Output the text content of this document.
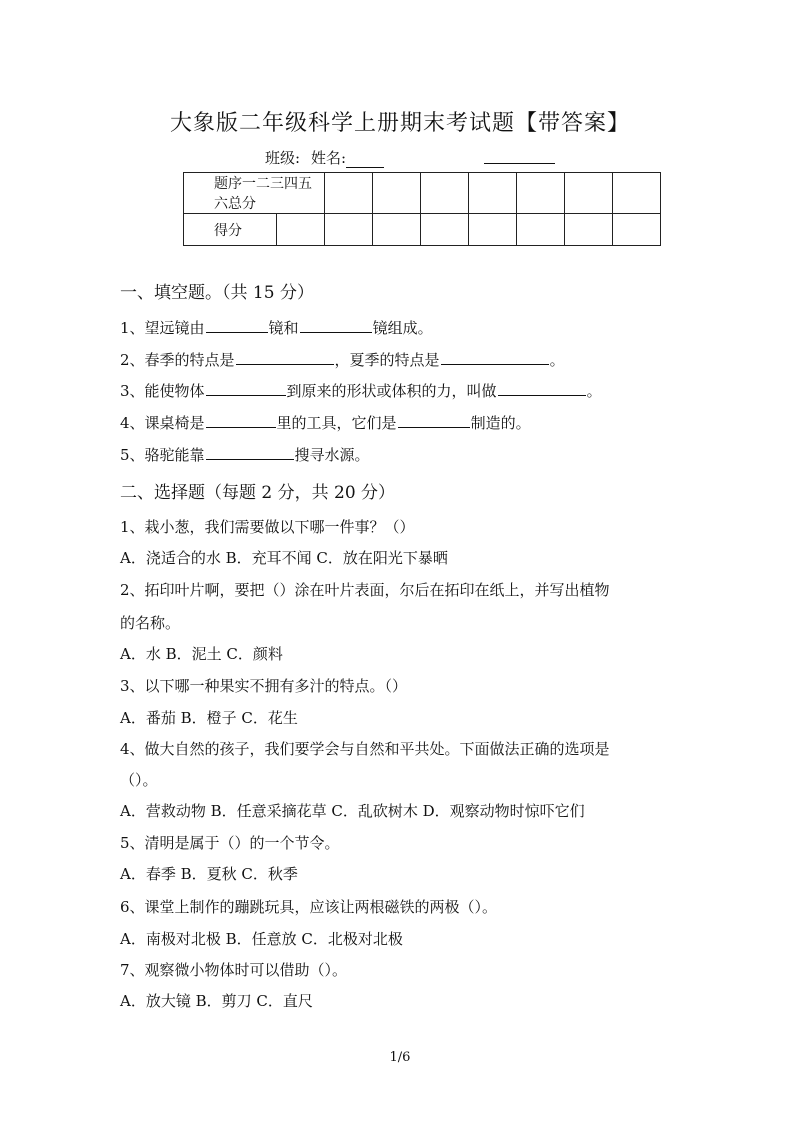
大象版二年级科学上册期末考试题【带答案】
班级: 姓名:
题序一二三四五六总分								
得分								
一、填空题。（共 15 分）
1、望远镜由	镜和	镜组成。
2、春季的特点是	，夏季的特点是	。
3、能使物体	到原来的形状或体积的力，叫做	。
4、课桌椅是	里的工具，它们是	制造的。
5、骆驼能靠	搜寻水源。
二、选择题（每题 2 分，共 20 分）
1、栽小葱，我们需要做以下哪一件事？（）
A．浇适合的水 B．充耳不闻 C．放在阳光下暴晒
2、拓印叶片啊，要把（）涂在叶片表面，尔后在拓印在纸上，并写出植物
的名称。
A．水 B．泥土 C．颜料
3、以下哪一种果实不拥有多汁的特点。（）
A．番茄 B．橙子 C．花生
4、做大自然的孩子，我们要学会与自然和平共处。下面做法正确的选项是
（）。
A．营救动物 B．任意采摘花草 C．乱砍树木 D．观察动物时惊吓它们
5、清明是属于（）的一个节令。
A．春季 B．夏秋 C．秋季
6、课堂上制作的蹦跳玩具，应该让两根磁铁的两极（）。
A．南极对北极 B．任意放 C．北极对北极
7、观察微小物体时可以借助（）。
A．放大镜 B．剪刀 C．直尺
1/6
